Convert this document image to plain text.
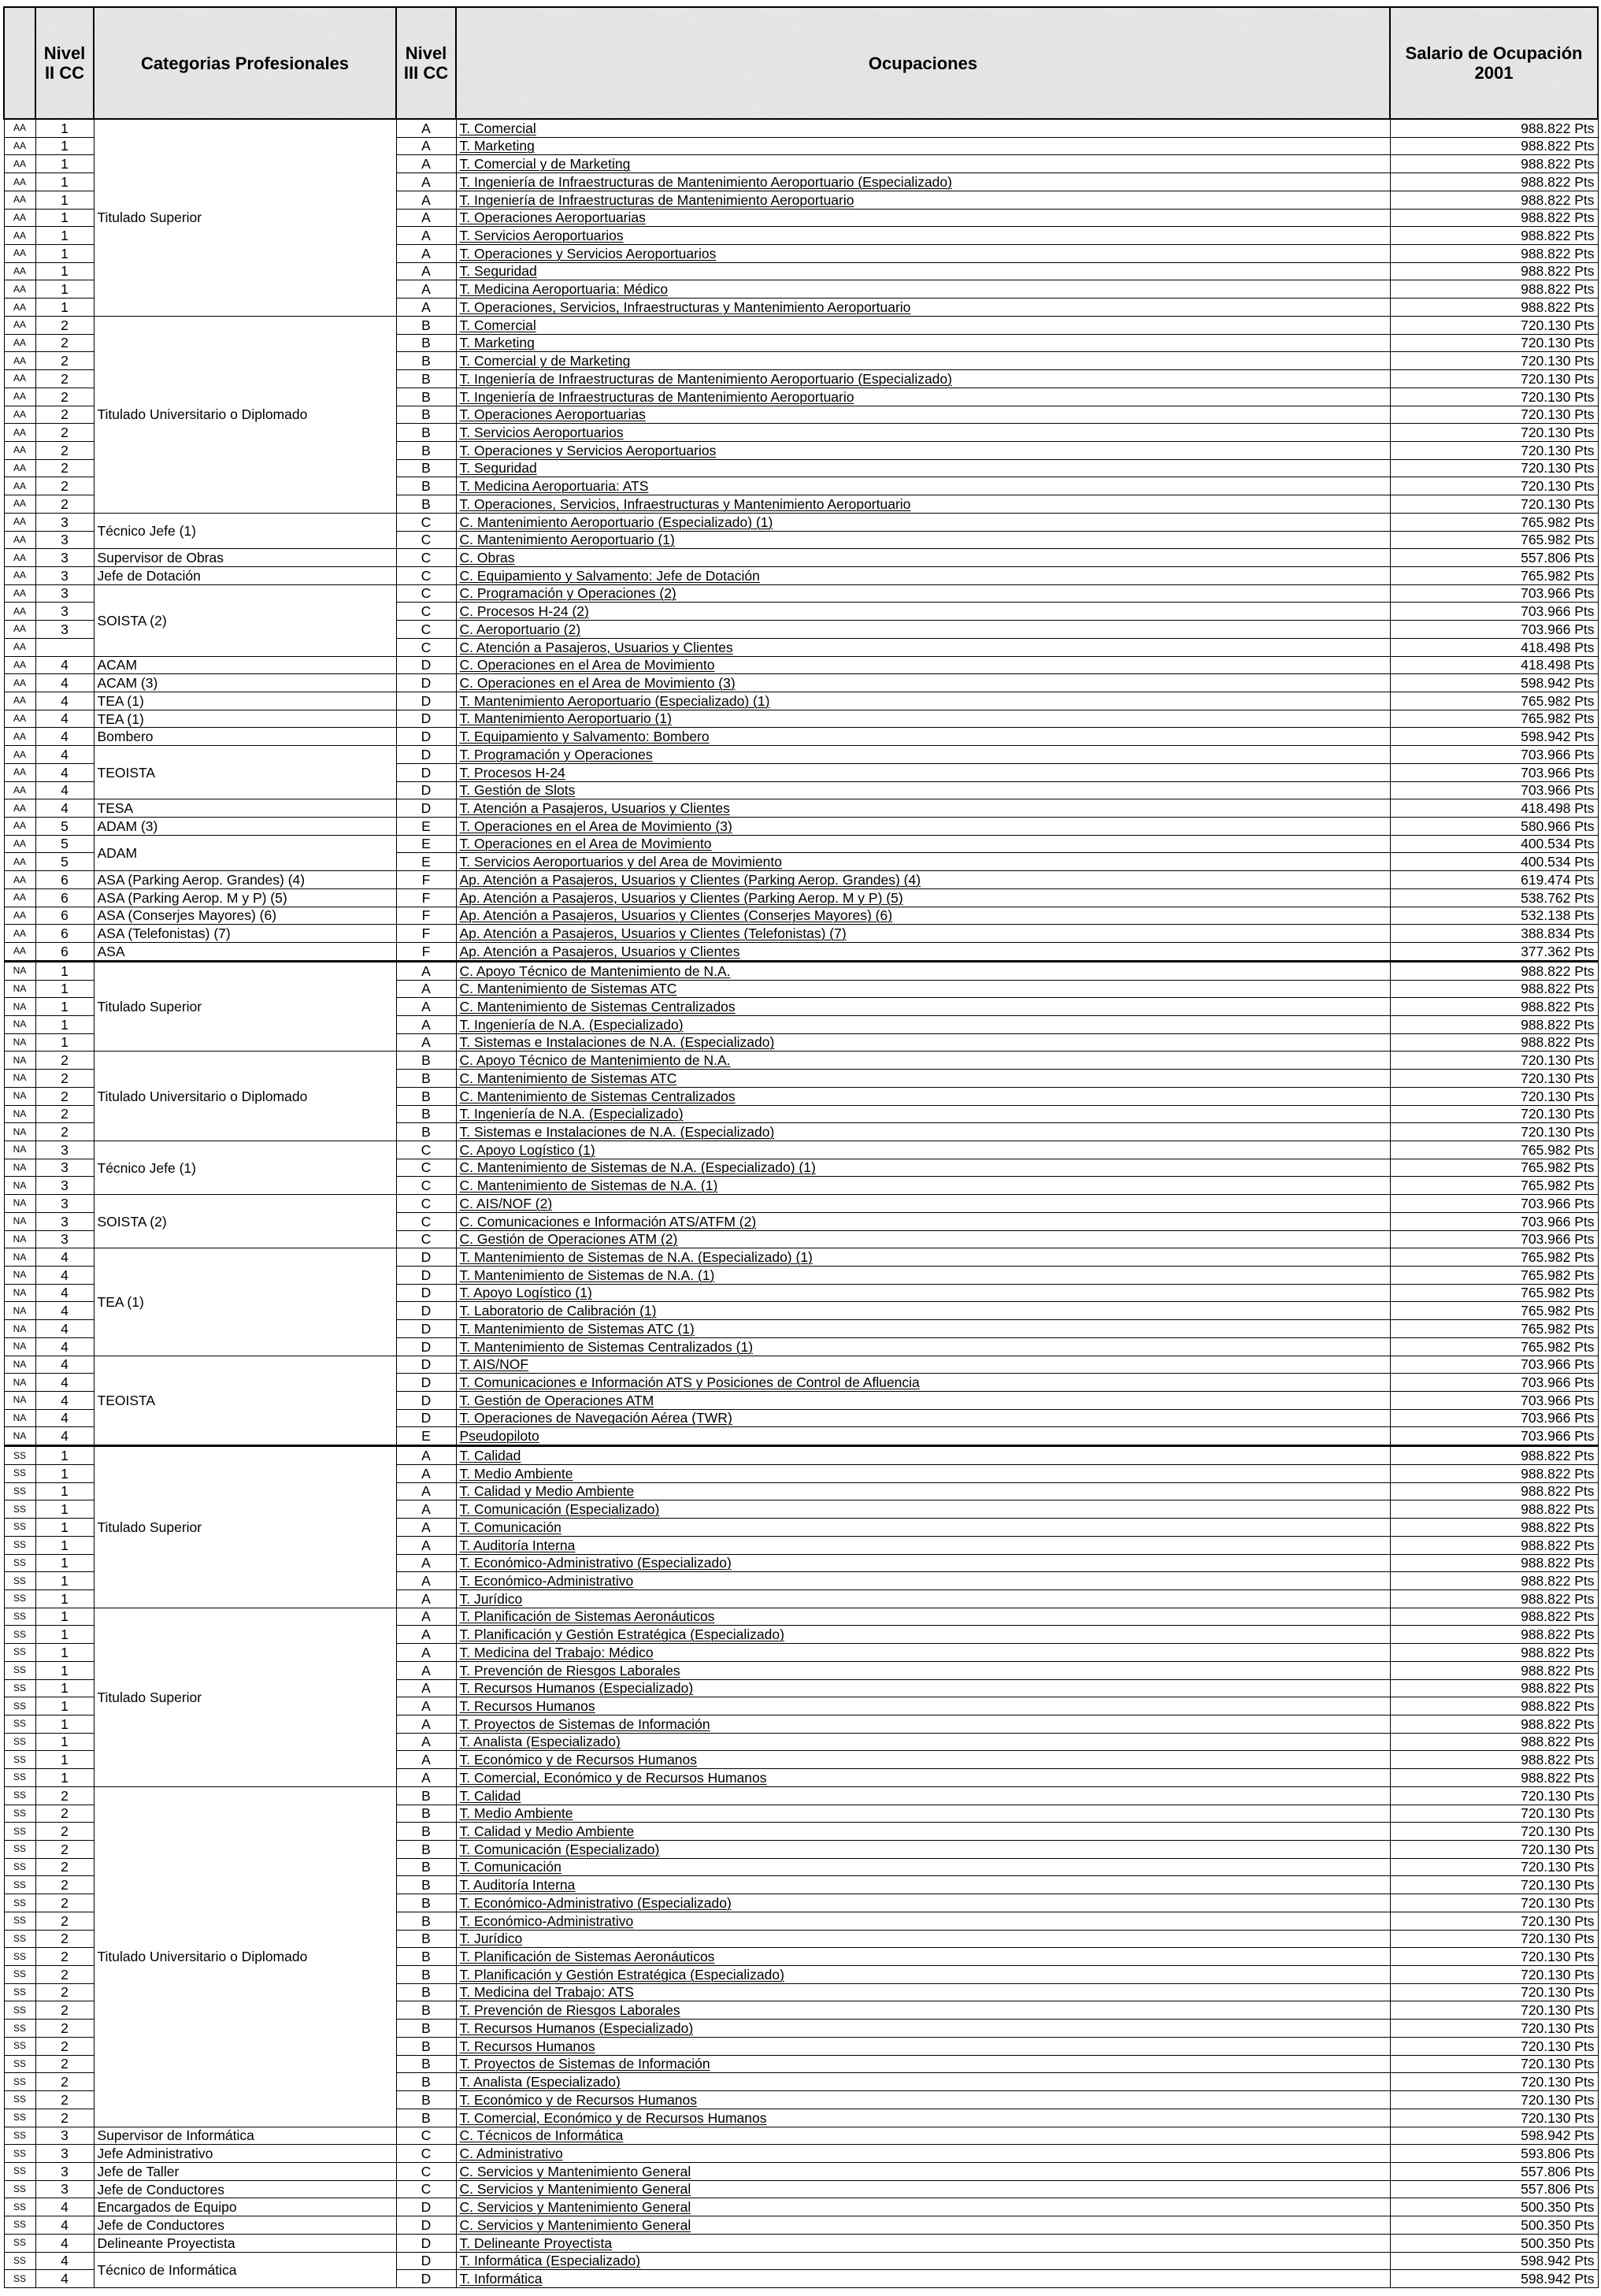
	Nivel II CC	Categorias Profesionales	Nivel III CC	Ocupaciones	Salario de Ocupación 2001
AA	1	Titulado Superior	A	T. Comercial	988.822 Pts
AA	1		A	T. Marketing	988.822 Pts
AA	1		A	T. Comercial y de Marketing	988.822 Pts
AA	1		A	T. Ingeniería de Infraestructuras de Mantenimiento Aeroportuario (Especializado)	988.822 Pts
AA	1		A	T. Ingeniería de Infraestructuras de Mantenimiento Aeroportuario	988.822 Pts
AA	1		A	T. Operaciones Aeroportuarias	988.822 Pts
AA	1		A	T. Servicios Aeroportuarios	988.822 Pts
AA	1		A	T. Operaciones y Servicios Aeroportuarios	988.822 Pts
AA	1		A	T. Seguridad	988.822 Pts
AA	1		A	T. Medicina Aeroportuaria: Médico	988.822 Pts
AA	1		A	T. Operaciones, Servicios, Infraestructuras y Mantenimiento Aeroportuario	988.822 Pts
AA	2	Titulado Universitario o Diplomado	B	T. Comercial	720.130 Pts
AA	2		B	T. Marketing	720.130 Pts
AA	2		B	T. Comercial y de Marketing	720.130 Pts
AA	2		B	T. Ingeniería de Infraestructuras de Mantenimiento Aeroportuario (Especializado)	720.130 Pts
AA	2		B	T. Ingeniería de Infraestructuras de Mantenimiento Aeroportuario	720.130 Pts
AA	2		B	T. Operaciones Aeroportuarias	720.130 Pts
AA	2		B	T. Servicios Aeroportuarios	720.130 Pts
AA	2		B	T. Operaciones y Servicios Aeroportuarios	720.130 Pts
AA	2		B	T. Seguridad	720.130 Pts
AA	2		B	T. Medicina Aeroportuaria: ATS	720.130 Pts
AA	2		B	T. Operaciones, Servicios, Infraestructuras y Mantenimiento Aeroportuario	720.130 Pts
AA	3	Técnico Jefe (1)	C	C. Mantenimiento Aeroportuario (Especializado) (1)	765.982 Pts
AA	3		C	C. Mantenimiento Aeroportuario (1)	765.982 Pts
AA	3	Supervisor de Obras	C	C. Obras	557.806 Pts
AA	3	Jefe de Dotación	C	C. Equipamiento y Salvamento: Jefe de Dotación	765.982 Pts
AA	3	SOISTA (2)	C	C. Programación y Operaciones (2)	703.966 Pts
AA	3		C	C. Procesos H-24 (2)	703.966 Pts
AA	3		C	C. Aeroportuario (2)	703.966 Pts
AA			C	C. Atención a Pasajeros, Usuarios y Clientes	418.498 Pts
AA	4	ACAM	D	C. Operaciones en el Area de Movimiento	418.498 Pts
AA	4	ACAM (3)	D	C. Operaciones en el Area de Movimiento (3)	598.942 Pts
AA	4	TEA (1)	D	T. Mantenimiento Aeroportuario (Especializado) (1)	765.982 Pts
AA	4	TEA (1)	D	T. Mantenimiento Aeroportuario (1)	765.982 Pts
AA	4	Bombero	D	T. Equipamiento y Salvamento: Bombero	598.942 Pts
AA	4	TEOISTA	D	T. Programación y Operaciones	703.966 Pts
AA	4		D	T. Procesos H-24	703.966 Pts
AA	4		D	T. Gestión de Slots	703.966 Pts
AA	4	TESA	D	T. Atención a Pasajeros, Usuarios y Clientes	418.498 Pts
AA	5	ADAM (3)	E	T. Operaciones en el Area de Movimiento (3)	580.966 Pts
AA	5	ADAM	E	T. Operaciones en el Area de Movimiento	400.534 Pts
AA	5		E	T. Servicios Aeroportuarios y del Area de Movimiento	400.534 Pts
AA	6	ASA (Parking Aerop. Grandes) (4)	F	Ap. Atención a Pasajeros, Usuarios y Clientes (Parking Aerop. Grandes) (4)	619.474 Pts
AA	6	ASA (Parking Aerop. M y P) (5)	F	Ap. Atención a Pasajeros, Usuarios y Clientes (Parking Aerop. M y P) (5)	538.762 Pts
AA	6	ASA (Conserjes Mayores) (6)	F	Ap. Atención a Pasajeros, Usuarios y Clientes (Conserjes Mayores) (6)	532.138 Pts
AA	6	ASA (Telefonistas) (7)	F	Ap. Atención a Pasajeros, Usuarios y Clientes (Telefonistas) (7)	388.834 Pts
AA	6	ASA	F	Ap. Atención a Pasajeros, Usuarios y Clientes	377.362 Pts
NA	1	Titulado Superior	A	C. Apoyo Técnico de Mantenimiento de N.A.	988.822 Pts
NA	1		A	C. Mantenimiento de Sistemas ATC	988.822 Pts
NA	1		A	C. Mantenimiento de Sistemas Centralizados	988.822 Pts
NA	1		A	T. Ingeniería de N.A. (Especializado)	988.822 Pts
NA	1		A	T. Sistemas e Instalaciones de N.A. (Especializado)	988.822 Pts
NA	2	Titulado Universitario o Diplomado	B	C. Apoyo Técnico de Mantenimiento de N.A.	720.130 Pts
NA	2		B	C. Mantenimiento de Sistemas ATC	720.130 Pts
NA	2		B	C. Mantenimiento de Sistemas Centralizados	720.130 Pts
NA	2		B	T. Ingeniería de N.A. (Especializado)	720.130 Pts
NA	2		B	T. Sistemas e Instalaciones de N.A. (Especializado)	720.130 Pts
NA	3	Técnico Jefe (1)	C	C. Apoyo Logístico (1)	765.982 Pts
NA	3		C	C. Mantenimiento de Sistemas de N.A. (Especializado) (1)	765.982 Pts
NA	3		C	C. Mantenimiento de Sistemas de N.A. (1)	765.982 Pts
NA	3	SOISTA (2)	C	C. AIS/NOF (2)	703.966 Pts
NA	3		C	C. Comunicaciones e Información ATS/ATFM (2)	703.966 Pts
NA	3		C	C. Gestión de Operaciones ATM (2)	703.966 Pts
NA	4	TEA (1)	D	T. Mantenimiento de Sistemas de N.A. (Especializado) (1)	765.982 Pts
NA	4		D	T. Mantenimiento de Sistemas de N.A. (1)	765.982 Pts
NA	4		D	T. Apoyo Logístico (1)	765.982 Pts
NA	4		D	T. Laboratorio de Calibración (1)	765.982 Pts
NA	4		D	T. Mantenimiento de Sistemas ATC (1)	765.982 Pts
NA	4		D	T. Mantenimiento de Sistemas Centralizados (1)	765.982 Pts
NA	4	TEOISTA	D	T. AIS/NOF	703.966 Pts
NA	4		D	T. Comunicaciones e Información ATS y Posiciones de Control de Afluencia	703.966 Pts
NA	4		D	T. Gestión de Operaciones ATM	703.966 Pts
NA	4		D	T. Operaciones de Navegación Aérea (TWR)	703.966 Pts
NA	4		E	Pseudopiloto	703.966 Pts
SS	1	Titulado Superior	A	T. Calidad	988.822 Pts
SS	1		A	T. Medio Ambiente	988.822 Pts
SS	1		A	T. Calidad y Medio Ambiente	988.822 Pts
SS	1		A	T. Comunicación (Especializado)	988.822 Pts
SS	1		A	T. Comunicación	988.822 Pts
SS	1		A	T. Auditoría Interna	988.822 Pts
SS	1		A	T. Económico-Administrativo (Especializado)	988.822 Pts
SS	1		A	T. Económico-Administrativo	988.822 Pts
SS	1		A	T. Jurídico	988.822 Pts
SS	1	Titulado Superior	A	T. Planificación de Sistemas Aeronáuticos	988.822 Pts
SS	1		A	T. Planificación y Gestión Estratégica (Especializado)	988.822 Pts
SS	1		A	T. Medicina del Trabajo: Médico	988.822 Pts
SS	1		A	T. Prevención de Riesgos Laborales	988.822 Pts
SS	1		A	T. Recursos Humanos (Especializado)	988.822 Pts
SS	1		A	T. Recursos Humanos	988.822 Pts
SS	1		A	T. Proyectos de Sistemas de Información	988.822 Pts
SS	1		A	T. Analista (Especializado)	988.822 Pts
SS	1		A	T. Económico y de Recursos Humanos	988.822 Pts
SS	1		A	T. Comercial, Económico y de Recursos Humanos	988.822 Pts
SS	2	Titulado Universitario o Diplomado	B	T. Calidad	720.130 Pts
SS	2		B	T. Medio Ambiente	720.130 Pts
SS	2		B	T. Calidad y Medio Ambiente	720.130 Pts
SS	2		B	T. Comunicación (Especializado)	720.130 Pts
SS	2		B	T. Comunicación	720.130 Pts
SS	2		B	T. Auditoría Interna	720.130 Pts
SS	2		B	T. Económico-Administrativo (Especializado)	720.130 Pts
SS	2		B	T. Económico-Administrativo	720.130 Pts
SS	2		B	T. Jurídico	720.130 Pts
SS	2		B	T. Planificación de Sistemas Aeronáuticos	720.130 Pts
SS	2		B	T. Planificación y Gestión Estratégica (Especializado)	720.130 Pts
SS	2		B	T. Medicina del Trabajo: ATS	720.130 Pts
SS	2		B	T. Prevención de Riesgos Laborales	720.130 Pts
SS	2		B	T. Recursos Humanos (Especializado)	720.130 Pts
SS	2		B	T. Recursos Humanos	720.130 Pts
SS	2		B	T. Proyectos de Sistemas de Información	720.130 Pts
SS	2		B	T. Analista (Especializado)	720.130 Pts
SS	2		B	T. Económico y de Recursos Humanos	720.130 Pts
SS	2		B	T. Comercial, Económico y de Recursos Humanos	720.130 Pts
SS	3	Supervisor de Informática	C	C. Técnicos de Informática	598.942 Pts
SS	3	Jefe Administrativo	C	C. Administrativo	593.806 Pts
SS	3	Jefe de Taller	C	C. Servicios y Mantenimiento General	557.806 Pts
SS	3	Jefe de Conductores	C	C. Servicios y Mantenimiento General	557.806 Pts
SS	4	Encargados de Equipo	D	C. Servicios y Mantenimiento General	500.350 Pts
SS	4	Jefe de Conductores	D	C. Servicios y Mantenimiento General	500.350 Pts
SS	4	Delineante Proyectista	D	T. Delineante Proyectista	500.350 Pts
SS	4	Técnico de Informática	D	T. Informática (Especializado)	598.942 Pts
SS	4		D	T. Informática	598.942 Pts
